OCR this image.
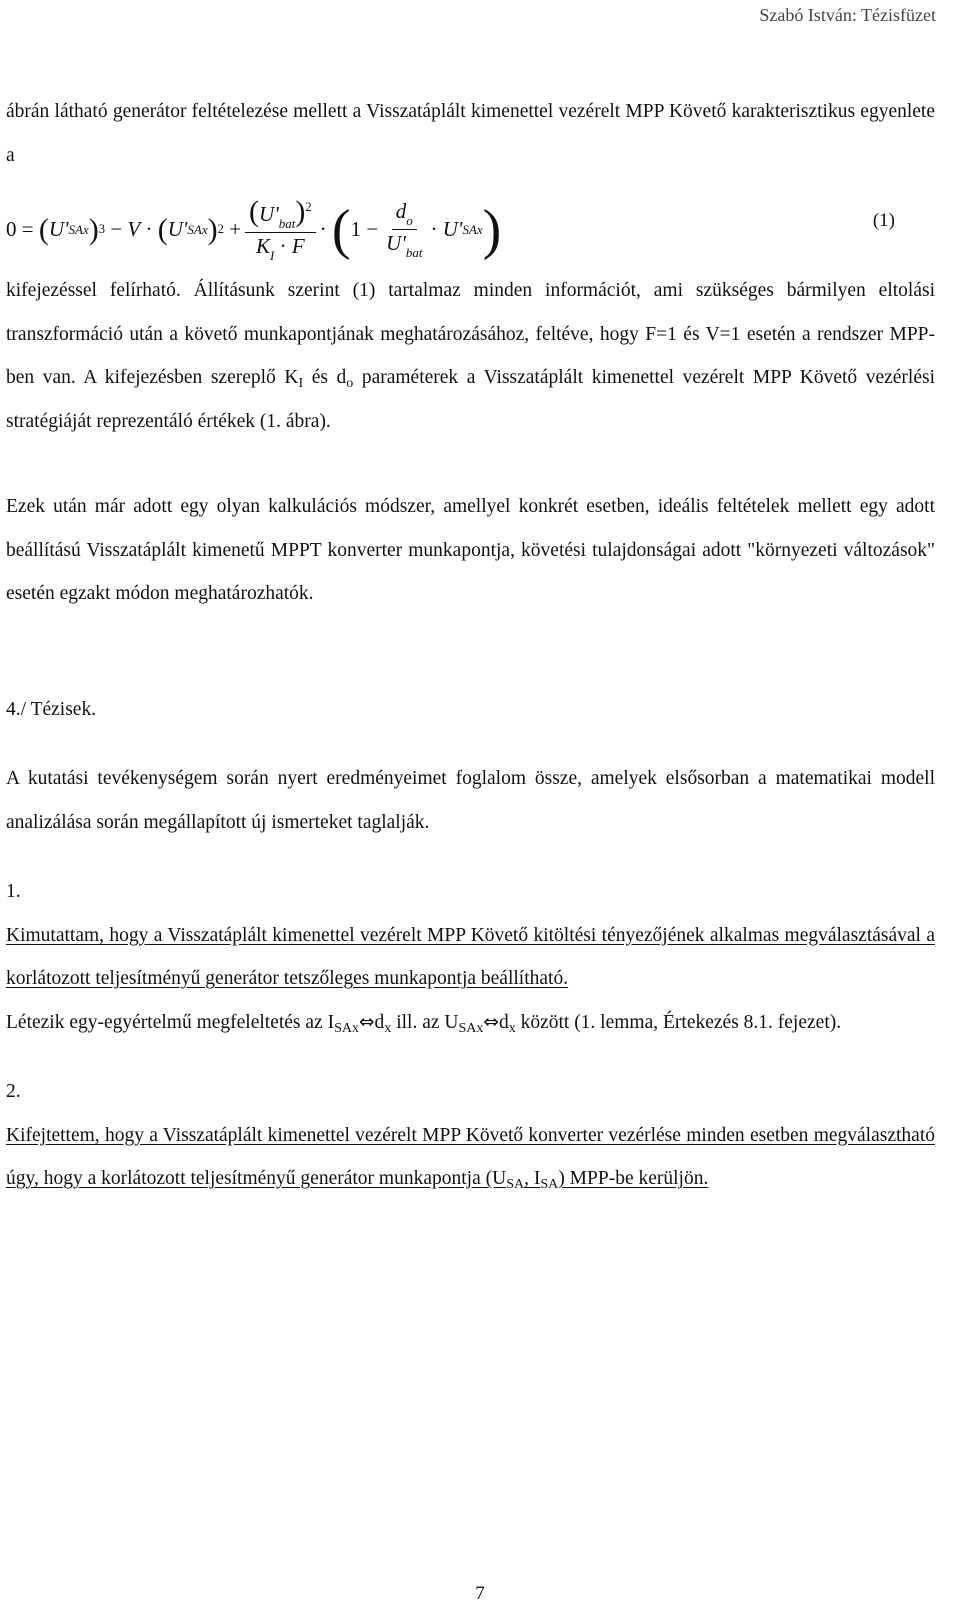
Szabó István: Tézisfüzet

ábrán látható generátor feltételezése mellett a Visszatáplált kimenettel vezérelt MPP Követő karakterisztikus egyenlete a

0
=
( U' SAx ) 3
−
V
·
( U' SAx ) 2
+ $\frac{(U'_{bat})^2}{K_I \cdot F}$ ·
( 1
− $\frac{d_o}{U'_{bat}}$ ·
U' SAx )	(1)

kifejezéssel felírható. Állításunk szerint (1) tartalmaz minden információt, ami szükséges bármilyen eltolási transzformáció után a követő munkapontjának meghatározásához, feltéve, hogy F=1 és V=1 esetén a rendszer MPP-ben van. A kifejezésben szereplő $K_I$ és $d_o$ paraméterek a Visszatáplált kimenettel vezérelt MPP Követő vezérlési stratégiáját reprezentáló értékek (1. ábra).

Ezek után már adott egy olyan kalkulációs módszer, amellyel konkrét esetben, ideális feltételek mellett egy adott beállítású Visszatáplált kimenetű MPPT konverter munkapontja, követési tulajdonságai adott "környezeti változások" esetén egzakt módon meghatározhatók.

4./ Tézisek.

A kutatási tevékenységem során nyert eredményeimet foglalom össze, amelyek elsősorban a matematikai modell analizálása során megállapított új ismerteket taglalják.

1.

Kimutattam, hogy a Visszatáplált kimenettel vezérelt MPP Követő kitöltési tényezőjének alkalmas megválasztásával a korlátozott teljesítményű generátor tetszőleges munkapontja beállítható.

Létezik egy-egyértelmű megfeleltetés az $I_{SAx}\Leftrightarrow d_x$ ill. az $U_{SAx}\Leftrightarrow d_x$ között (1. lemma, Értekezés 8.1. fejezet).

2.

Kifejtettem, hogy a Visszatáplált kimenettel vezérelt MPP Követő konverter vezérlése minden esetben megválasztható úgy, hogy a korlátozott teljesítményű generátor munkapontja ($U_{SA}$, $I_{SA}$) MPP-be kerüljön.

7
